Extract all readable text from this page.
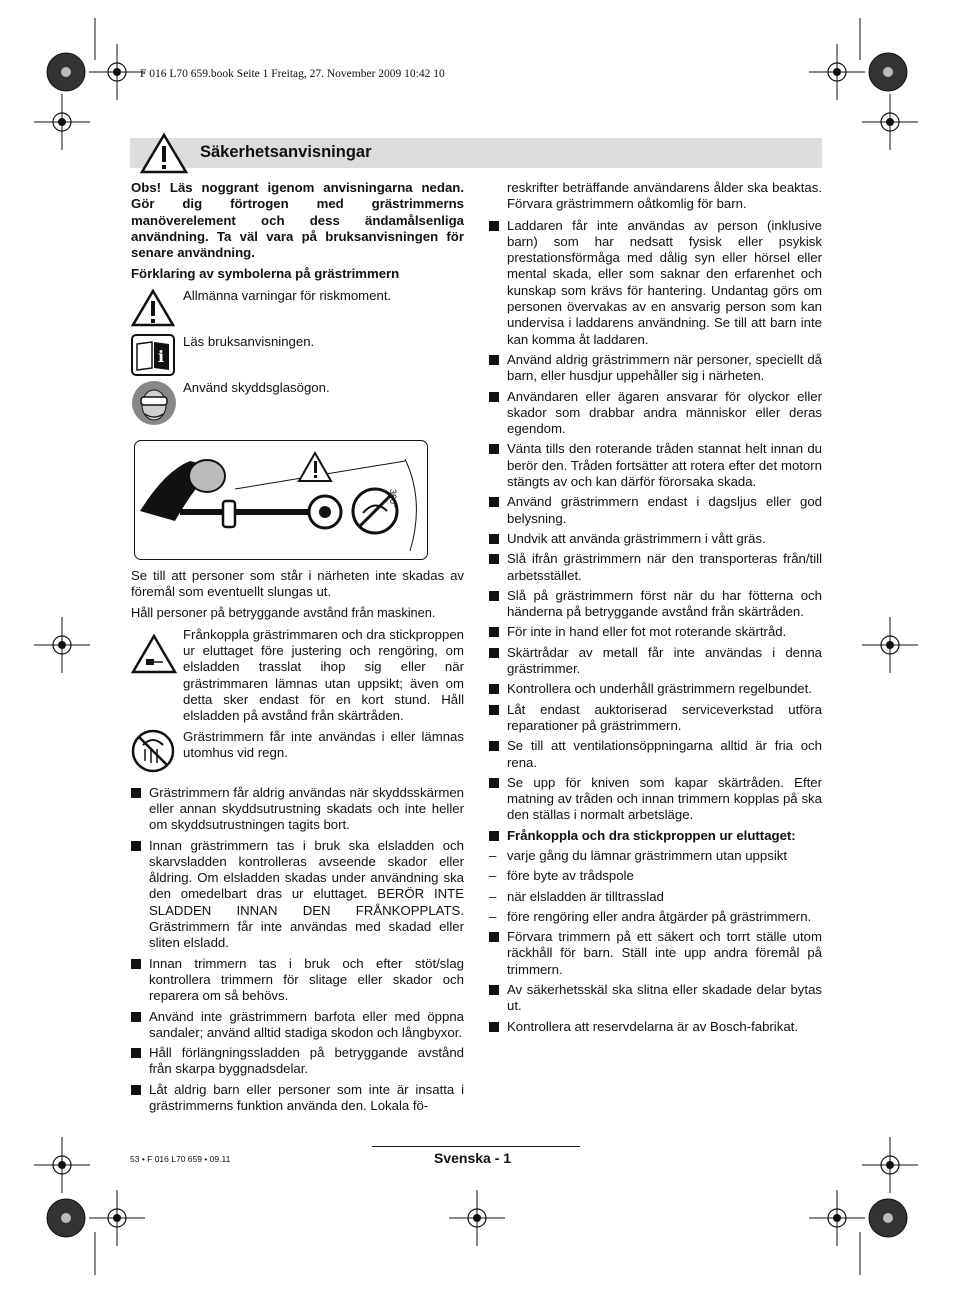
F 016 L70 659.book Seite 1 Freitag, 27. November 2009 10:42 10
Säkerhetsanvisningar

Obs! Läs noggrant igenom anvisningarna nedan. Gör dig förtrogen med grästrimmerns manöverelement och dess ändamålsenliga användning. Ta väl vara på bruksanvisningen för senare användning.

Förklaring av symbolerna på grästrimmern

Allmänna varningar för riskmoment.
i
Läs bruksanvisningen.
Använd skyddsglasögon.
360°

Se till att personer som står i närheten inte skadas av föremål som eventuellt slungas ut.

Håll personer på betryggande avstånd från maskinen.

Frånkoppla grästrimmaren och dra stickproppen ur eluttaget före justering och rengöring, om elsladden trasslat ihop sig eller när grästrimmaren lämnas utan uppsikt; även om detta sker endast för en kort stund. Håll elsladden på avstånd från skärtråden.
Grästrimmern får inte användas i eller lämnas utomhus vid regn.
Grästrimmern får aldrig användas när skyddsskärmen eller annan skyddsutrustning skadats och inte heller om skyddsutrustningen tagits bort.
Innan grästrimmern tas i bruk ska elsladden och skarvsladden kontrolleras avseende skador eller åldring. Om elsladden skadas under användning ska den omedelbart dras ur eluttaget. BERÖR INTE SLADDEN INNAN DEN FRÅNKOPPLATS. Grästrimmern får inte användas med skadad eller sliten elsladd.
Innan trimmern tas i bruk och efter stöt/slag kontrollera trimmern för slitage eller skador och reparera om så behövs.
Använd inte grästrimmern barfota eller med öppna sandaler; använd alltid stadiga skodon och långbyxor.
Håll förlängningssladden på betryggande avstånd från skarpa byggnadsdelar.
Låt aldrig barn eller personer som inte är insatta i grästrimmerns funktion använda den. Lokala fö-

reskrifter beträffande användarens ålder ska beaktas. Förvara grästrimmern oåtkomlig för barn.

Laddaren får inte användas av person (inklusive barn) som har nedsatt fysisk eller psykisk prestationsförmåga med dålig syn eller hörsel eller mental skada, eller som saknar den erfarenhet och kunskap som krävs för hantering. Undantag görs om personen övervakas av en ansvarig person som kan undervisa i laddarens användning. Se till att barn inte kan komma åt laddaren.
Använd aldrig grästrimmern när personer, speciellt då barn, eller husdjur uppehåller sig i närheten.
Användaren eller ägaren ansvarar för olyckor eller skador som drabbar andra människor eller deras egendom.
Vänta tills den roterande tråden stannat helt innan du berör den. Tråden fortsätter att rotera efter det motorn stängts av och kan därför förorsaka skada.
Använd grästrimmern endast i dagsljus eller god belysning.
Undvik att använda grästrimmern i vått gräs.
Slå ifrån grästrimmern när den transporteras från/till arbetsstället.
Slå på grästrimmern först när du har fötterna och händerna på betryggande avstånd från skärtråden.
För inte in hand eller fot mot roterande skärtråd.
Skärtrådar av metall får inte användas i denna grästrimmer.
Kontrollera och underhåll grästrimmern regelbundet.
Låt endast auktoriserad serviceverkstad utföra reparationer på grästrimmern.
Se till att ventilationsöppningarna alltid är fria och rena.
Se upp för kniven som kapar skärtråden. Efter matning av tråden och innan trimmern kopplas på ska den ställas i normalt arbetsläge.
Frånkoppla och dra stickproppen ur eluttaget:
– varje gång du lämnar grästrimmern utan uppsikt
– före byte av trådspole
– när elsladden är tilltrasslad
– före rengöring eller andra åtgärder på grästrimmern.
Förvara trimmern på ett säkert och torrt ställe utom räckhåll för barn. Ställ inte upp andra föremål på trimmern.
Av säkerhetsskäl ska slitna eller skadade delar bytas ut.
Kontrollera att reservdelarna är av Bosch-fabrikat.
53 • F 016 L70 659 • 09.11	Svenska - 1
